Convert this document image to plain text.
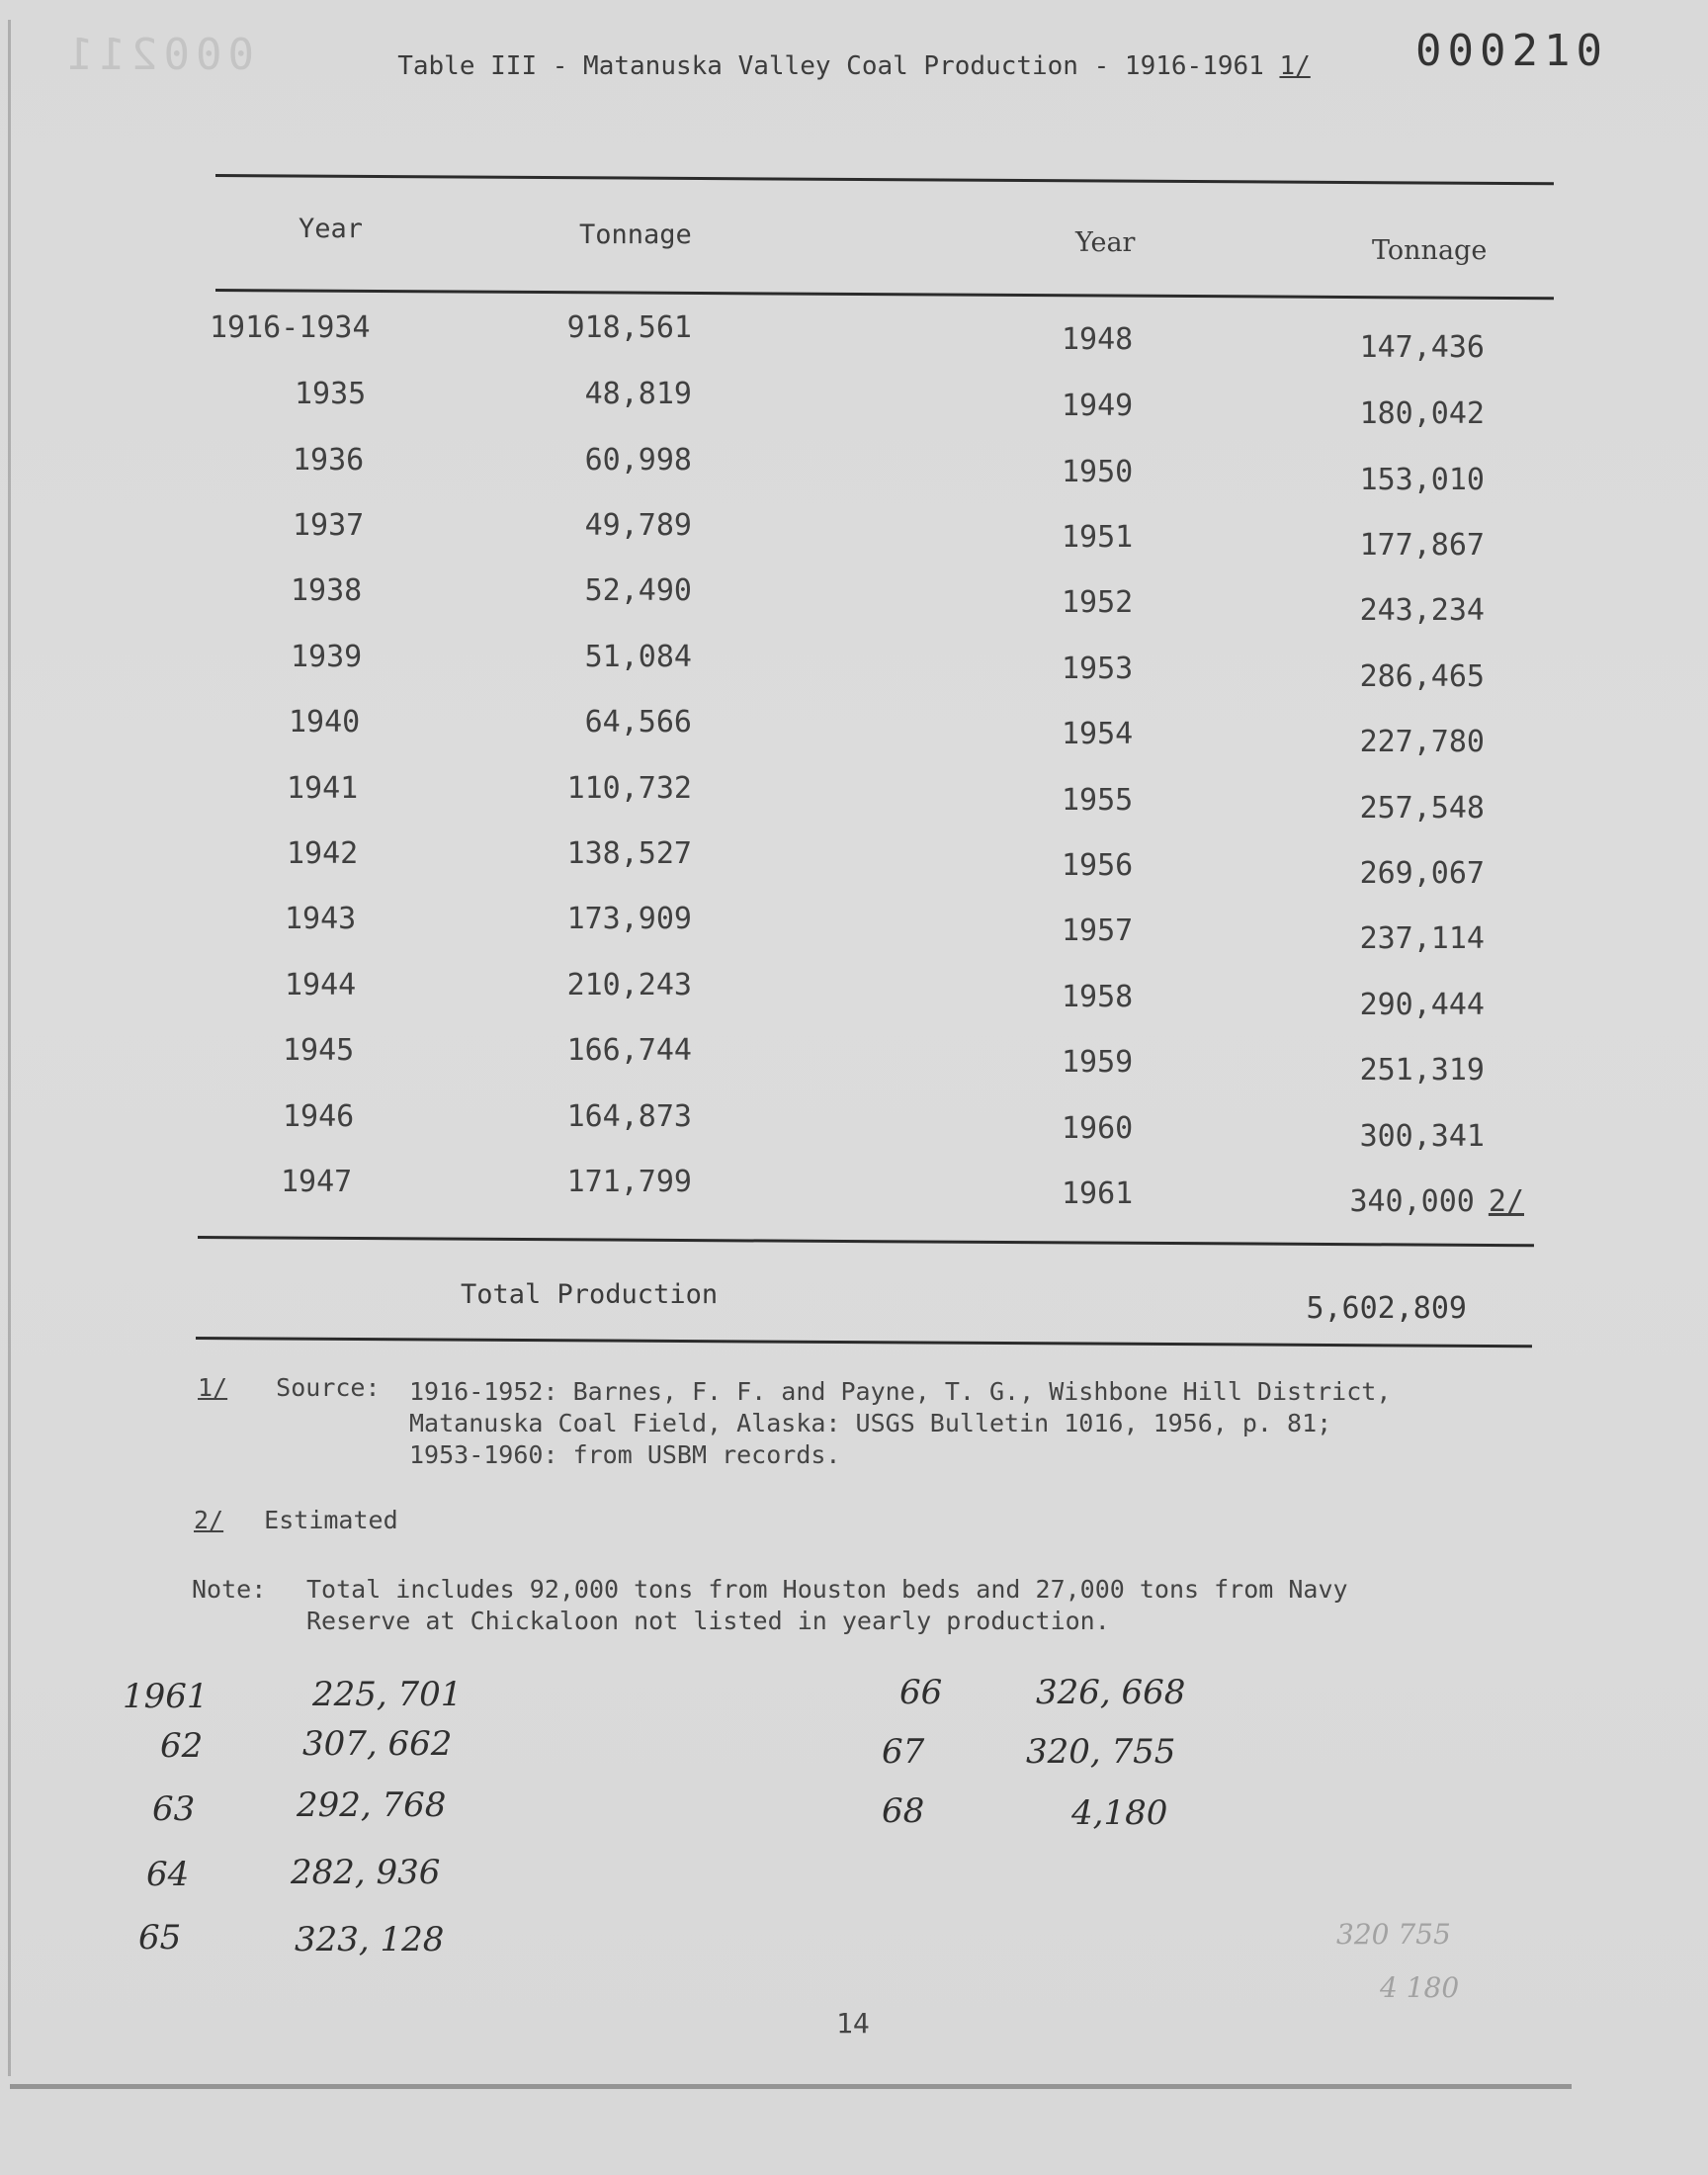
000211	000210
Table III - Matanuska Valley Coal Production - 1916-1961 1/
Year	Tonnage	Year	Tonnage
1916-1934	918,561	1948	147,436
1935	48,819	1949	180,042
1936	60,998	1950	153,010
1937	49,789	1951	177,867
1938	52,490	1952	243,234
1939	51,084	1953	286,465
1940	64,566	1954	227,780
1941	110,732	1955	257,548
1942	138,527	1956	269,067
1943	173,909	1957	237,114
1944	210,243	1958	290,444
1945	166,744	1959	251,319
1946	164,873	1960	300,341
1947	171,799	1961	340,000 2/
Total Production	5,602,809
1/ Source: 1916-1952: Barnes, F. F. and Payne, T. G., Wishbone Hill District,
Matanuska Coal Field, Alaska: USGS Bulletin 1016, 1956, p. 81;
1953-1960: from USBM records.
2/ Estimated
Note: Total includes 92,000 tons from Houston beds and 27,000 tons from Navy
Reserve at Chickaloon not listed in yearly production.
1961	225, 701
62	307, 662
63	292, 768
64	282, 936
65	323, 128
66	326, 668
67	320, 755
68	4,180
320 755
4 180
14
